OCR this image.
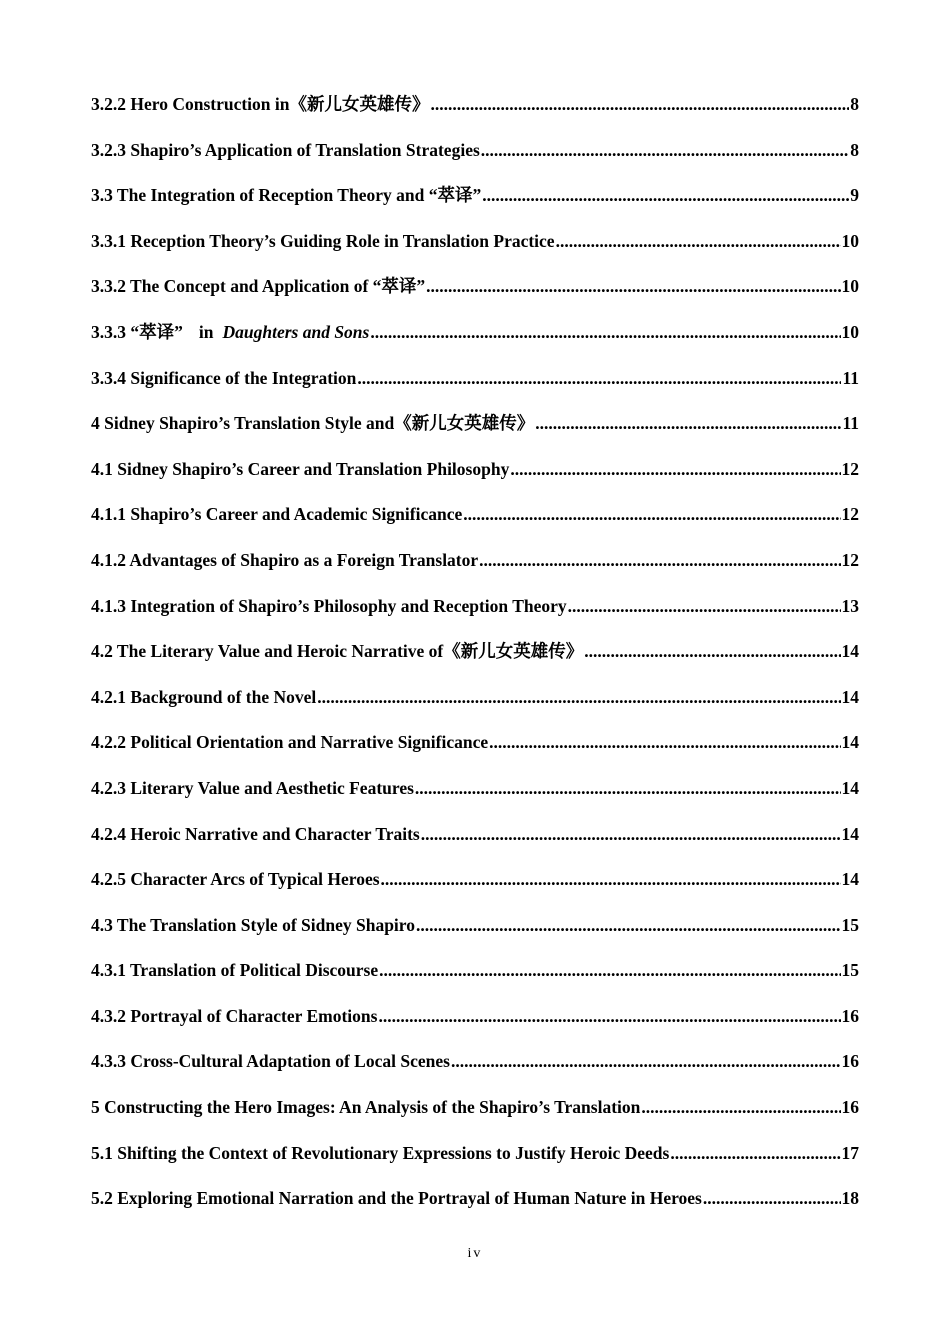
3.2.2 Hero Construction in《新儿女英雄传》 .....	8
3.2.3 Shapiro’s Application of Translation Strategies .....	8
3.3 The Integration of Reception Theory and “萃译” .....	9
3.3.1 Reception Theory’s Guiding Role in Translation Practice .....	10
3.3.2 The Concept and Application of “萃译” .....	10
3.3.3 “萃译” in Daughters and Sons .....	10
3.3.4 Significance of the Integration .....	11
4 Sidney Shapiro’s Translation Style and《新儿女英雄传》 .....	11
4.1 Sidney Shapiro’s Career and Translation Philosophy .....	12
4.1.1 Shapiro’s Career and Academic Significance .....	12
4.1.2 Advantages of Shapiro as a Foreign Translator .....	12
4.1.3 Integration of Shapiro’s Philosophy and Reception Theory .....	13
4.2 The Literary Value and Heroic Narrative of《新儿女英雄传》 .....	14
4.2.1 Background of the Novel .....	14
4.2.2 Political Orientation and Narrative Significance .....	14
4.2.3 Literary Value and Aesthetic Features .....	14
4.2.4 Heroic Narrative and Character Traits .....	14
4.2.5 Character Arcs of Typical Heroes .....	14
4.3 The Translation Style of Sidney Shapiro .....	15
4.3.1 Translation of Political Discourse .....	15
4.3.2 Portrayal of Character Emotions .....	16
4.3.3 Cross-Cultural Adaptation of Local Scenes .....	16
5 Constructing the Hero Images: An Analysis of the Shapiro’s Translation .....	16
5.1 Shifting the Context of Revolutionary Expressions to Justify Heroic Deeds .....	17
5.2 Exploring Emotional Narration and the Portrayal of Human Nature in Heroes .....	18
iv
